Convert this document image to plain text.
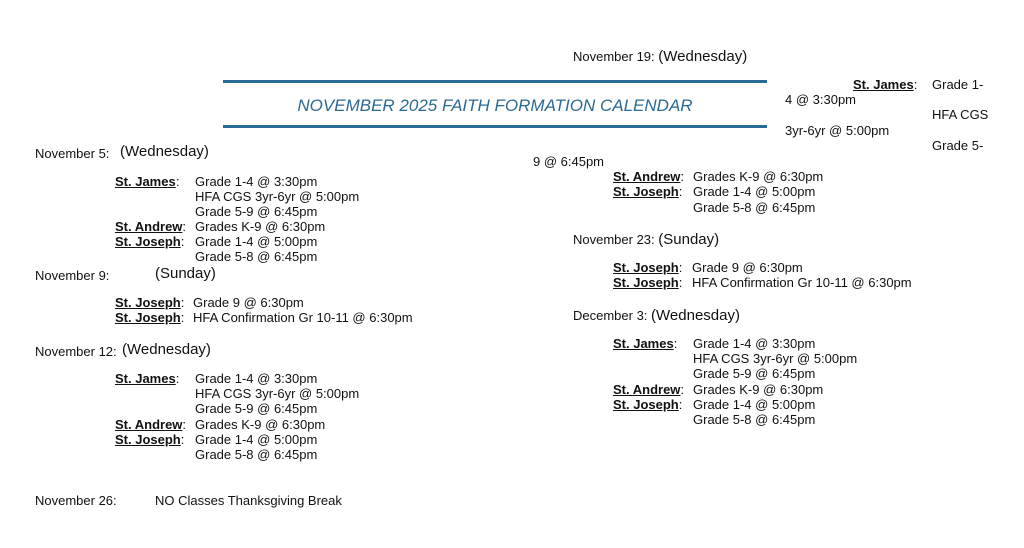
NOVEMBER 2025 FAITH FORMATION CALENDAR
November 5: (Wednesday)
St. James : Grade 1-4 @ 3:30pm
HFA CGS 3yr-6yr @ 5:00pm
Grade 5-9 @ 6:45pm
St. Andrew: Grades K-9 @ 6:30pm
St. Joseph: Grade 1-4 @ 5:00pm
Grade 5-8 @ 6:45pm
November 9:	(Sunday)
St. Joseph: Grade 9 @ 6:30pm
St. Joseph: HFA Confirmation Gr 10-11 @ 6:30pm
November 12: (Wednesday)
St. James: Grade 1-4 @ 3:30pm
HFA CGS 3yr-6yr @ 5:00pm
Grade 5-9 @ 6:45pm
St. Andrew: Grades K-9 @ 6:30pm
St. Joseph: Grade 1-4 @ 5:00pm
Grade 5-8 @ 6:45pm
November 26:	NO Classes Thanksgiving Break
November 19: (Wednesday)
St. James: Grade 1-
4 @ 3:30pm
HFA CGS
3yr-6yr @ 5:00pm
Grade 5-
9 @ 6:45pm
St. Andrew: Grades K-9 @ 6:30pm
St. Joseph: Grade 1-4 @ 5:00pm
Grade 5-8 @ 6:45pm
November 23: (Sunday)
St. Joseph: Grade 9 @ 6:30pm
St. Joseph: HFA Confirmation Gr 10-11 @ 6:30pm
December 3: (Wednesday)
St. James: Grade 1-4 @ 3:30pm
HFA CGS 3yr-6yr @ 5:00pm
Grade 5-9 @ 6:45pm
St. Andrew: Grades K-9 @ 6:30pm
St. Joseph: Grade 1-4 @ 5:00pm
Grade 5-8 @ 6:45pm
